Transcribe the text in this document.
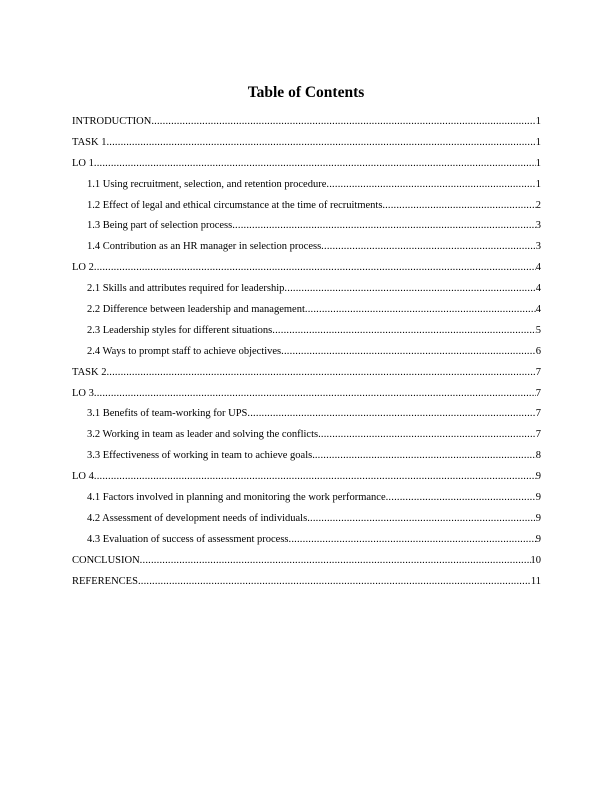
Table of Contents
INTRODUCTION .....	1
TASK 1 .....	1
LO 1 .....	1
1.1 Using recruitment, selection, and retention procedure .....	1
1.2 Effect of legal and ethical circumstance at the time of recruitments. .....	2
1.3 Being part of selection process .....	3
1.4 Contribution as an HR manager in selection process .....	3
LO 2 .....	4
2.1 Skills and attributes required for leadership .....	4
2.2 Difference between leadership and management .....	4
2.3 Leadership styles for different situations .....	5
2.4 Ways to prompt staff to achieve objectives .....	6
TASK 2 .....	7
LO 3 .....	7
3.1 Benefits of team-working for UPS .....	7
3.2 Working in team as leader and solving the conflicts .....	7
3.3 Effectiveness of working in team to achieve goals. .....	8
LO 4 .....	9
4.1 Factors involved in planning and monitoring the work performance .....	9
4.2 Assessment of development needs of individuals .....	9
4.3 Evaluation of success of assessment process .....	9
CONCLUSION .....	10
REFERENCES .....	11
